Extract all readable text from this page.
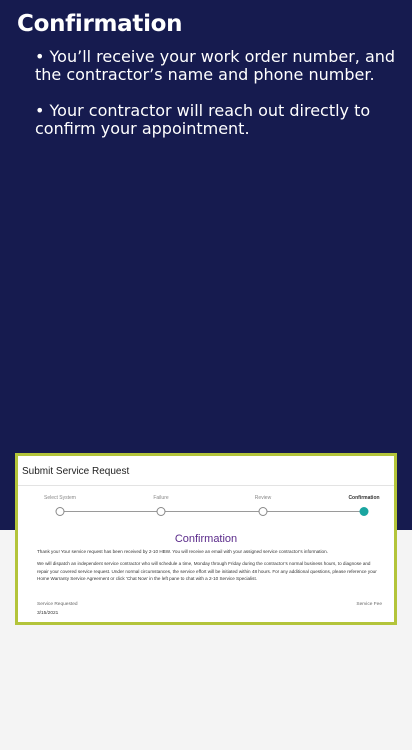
Confirmation

• You’ll receive your work order number, and the contractor’s name and phone number.

• Your contractor will reach out directly to confirm your appointment.

Submit Service Request
Select System	Failure	Review	Confirmation
Confirmation

Thank you! Your service request has been received by 2-10 HBW. You will receive an email with your assigned service contractor’s information.

We will dispatch an independent service contractor who will schedule a time, Monday through Friday during the contractor’s normal business hours, to diagnose and repair your covered service request. Under normal circumstances, the service effort will be initiated within 48 hours. For any additional questions, please reference your Home Warranty Service Agreement or click ‘Chat Now’ in the left pane to chat with a 2-10 Service Specialist.

Service Requested	Service Fee
3/15/2021
